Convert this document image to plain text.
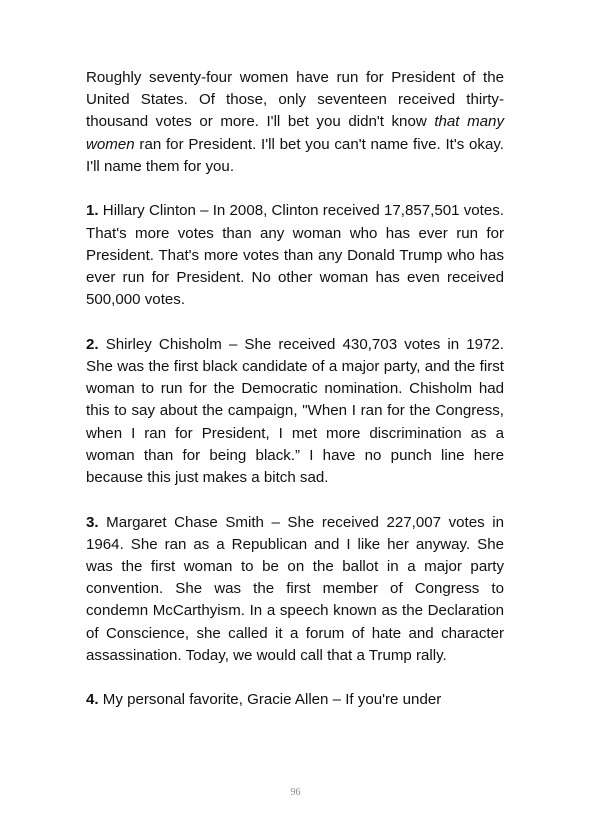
Roughly seventy-four women have run for President of the United States. Of those, only seventeen received thirty-thousand votes or more. I'll bet you didn't know that many women ran for President. I'll bet you can't name five. It's okay. I'll name them for you.

1. Hillary Clinton – In 2008, Clinton received 17,857,501 votes. That's more votes than any woman who has ever run for President. That's more votes than any Donald Trump who has ever run for President. No other woman has even received 500,000 votes.

2. Shirley Chisholm – She received 430,703 votes in 1972. She was the first black candidate of a major party, and the first woman to run for the Democratic nomination. Chisholm had this to say about the campaign, "When I ran for the Congress, when I ran for President, I met more discrimination as a woman than for being black.” I have no punch line here because this just makes a bitch sad.

3. Margaret Chase Smith – She received 227,007 votes in 1964. She ran as a Republican and I like her anyway. She was the first woman to be on the ballot in a major party convention. She was the first member of Congress to condemn McCarthyism. In a speech known as the Declaration of Conscience, she called it a forum of hate and character assassination. Today, we would call that a Trump rally.

4. My personal favorite, Gracie Allen – If you're under

96
